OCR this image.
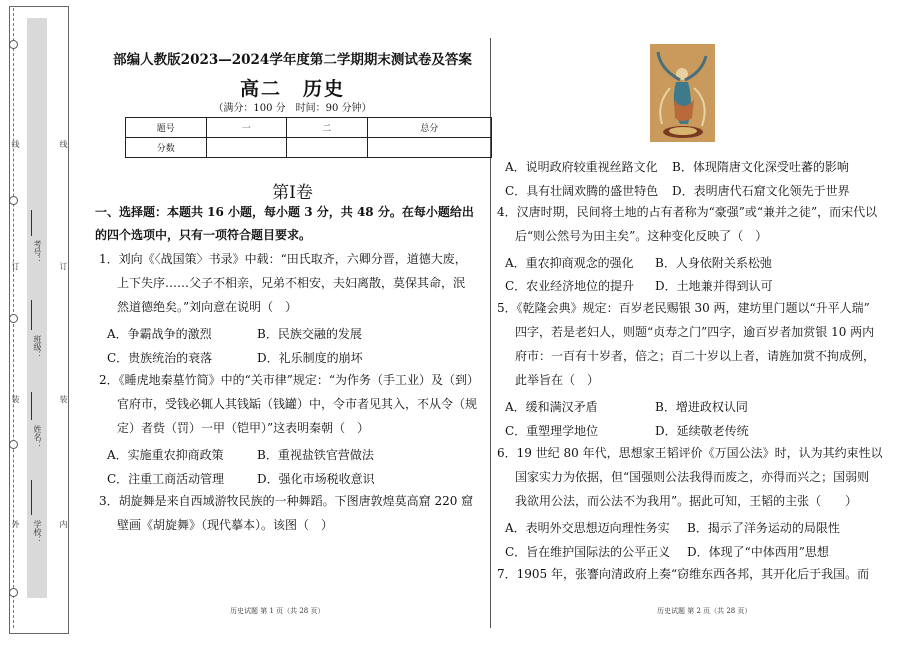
线
订
装
外
考号：
班级：
姓名：
学校：
线
订
装
内
部编人教版2023—2024学年度第二学期期末测试卷及答案
高二　历史
（满分：100 分　时间：90 分钟）
题号	一	二	总分
分数			
第Ⅰ卷
一、选择题：本题共 16 小题，每小题 3 分，共 48 分。在每小题给出
的四个选项中，只有一项符合题目要求。
1．刘向《〈战国策〉书录》中载：“田氏取齐，六卿分晋，道德大废，
上下失序……父子不相亲，兄弟不相安，夫妇离散，莫保其命，泯
然道德绝矣。”刘向意在说明（　）
A．争霸战争的激烈	B．民族交融的发展
C．贵族统治的衰落	D．礼乐制度的崩坏
2．《睡虎地秦墓竹简》中的“关市律”规定：“为作务（手工业）及（到）
官府市，受钱必辄人其钱缿（钱罐）中，令市者见其入，不从令（规
定）者赀（罚）一甲（铠甲）”这表明秦朝（　）
A．实施重农抑商政策	B．重视盐铁官营做法
C．注重工商活动管理	D．强化市场税收意识
3．胡旋舞是来自西域游牧民族的一种舞蹈。下图唐敦煌莫高窟 220 窟
壁画《胡旋舞》（现代摹本）。该图（　）
历史试题 第 1 页（共 28 页）
A．说明政府较重视丝路文化 B．体现隋唐文化深受吐蕃的影响
C．具有壮阔欢腾的盛世特色 D．表明唐代石窟文化领先于世界
4．汉唐时期，民间将土地的占有者称为“豪强”或“兼并之徒”，而宋代以
后“则公然号为田主矣”。这种变化反映了（　）
A．重农抑商观念的强化 B．人身依附关系松弛
C．农业经济地位的提升 D．土地兼并得到认可
5．《乾隆会典》规定：百岁老民赐银 30 两，建坊里门题以“升平人瑞”
四字，若是老妇人，则题“贞寿之门”四字，逾百岁者加赏银 10 两内
府市：一百有十岁者，倍之；百二十岁以上者，请旌加赏不拘成例，
此举旨在（　）
A．缓和满汉矛盾	B．增进政权认同
C．重塑理学地位	D．延续敬老传统
6．19 世纪 80 年代，思想家王韬评价《万国公法》时，认为其约束性以
国家实力为依据，但“国强则公法我得而废之，亦得而兴之；国弱则
我欲用公法，而公法不为我用”。据此可知，王韬的主张（　　）
A．表明外交思想迈向理性务实 B．揭示了洋务运动的局限性
C．旨在维护国际法的公平正义 D．体现了“中体西用”思想
7．1905 年，张謇向清政府上奏“窃维东西各邦，其开化后于我国。而
历史试题 第 2 页（共 28 页）
